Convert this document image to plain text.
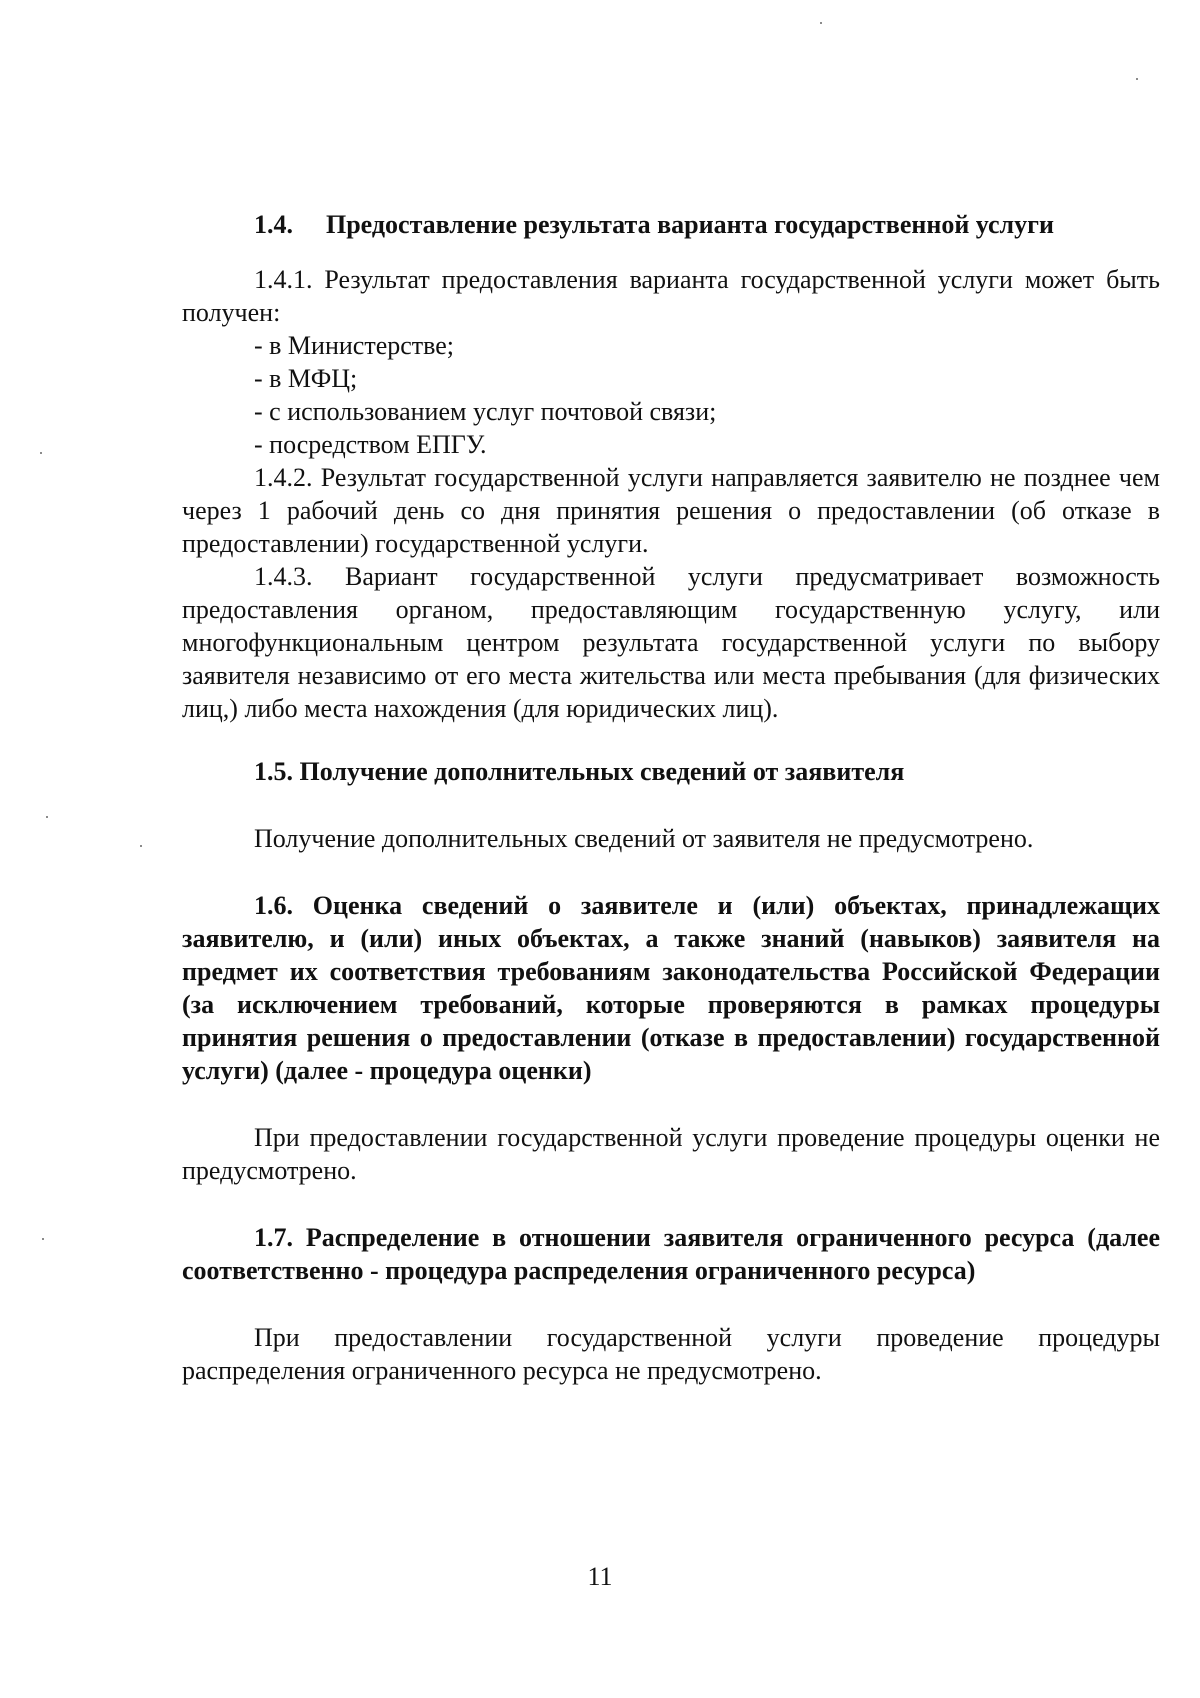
1.4.	Предоставление результата варианта государственной услуги

1.4.1. Результат предоставления варианта государственной услуги может быть получен:

- в Министерстве;

- в МФЦ;

- с использованием услуг почтовой связи;

- посредством ЕПГУ.

1.4.2. Результат государственной услуги направляется заявителю не позднее чем через 1 рабочий день со дня принятия решения о предоставлении (об отказе в предоставлении) государственной услуги.

1.4.3. Вариант государственной услуги предусматривает возможность предоставления органом, предоставляющим государственную услугу, или многофункциональным центром результата государственной услуги по выбору заявителя независимо от его места жительства или места пребывания (для физических лиц,) либо места нахождения (для юридических лиц).

1.5. Получение дополнительных сведений от заявителя

Получение дополнительных сведений от заявителя не предусмотрено.

1.6. Оценка сведений о заявителе и (или) объектах, принадлежащих заявителю, и (или) иных объектах, а также знаний (навыков) заявителя на предмет их соответствия требованиям законодательства Российской Федерации (за исключением требований, которые проверяются в рамках процедуры принятия решения о предоставлении (отказе в предоставлении) государственной услуги) (далее - процедура оценки)

При предоставлении государственной услуги проведение процедуры оценки не предусмотрено.

1.7. Распределение в отношении заявителя ограниченного ресурса (далее соответственно - процедура распределения ограниченного ресурса)

При предоставлении государственной услуги проведение процедуры распределения ограниченного ресурса не предусмотрено.

11
